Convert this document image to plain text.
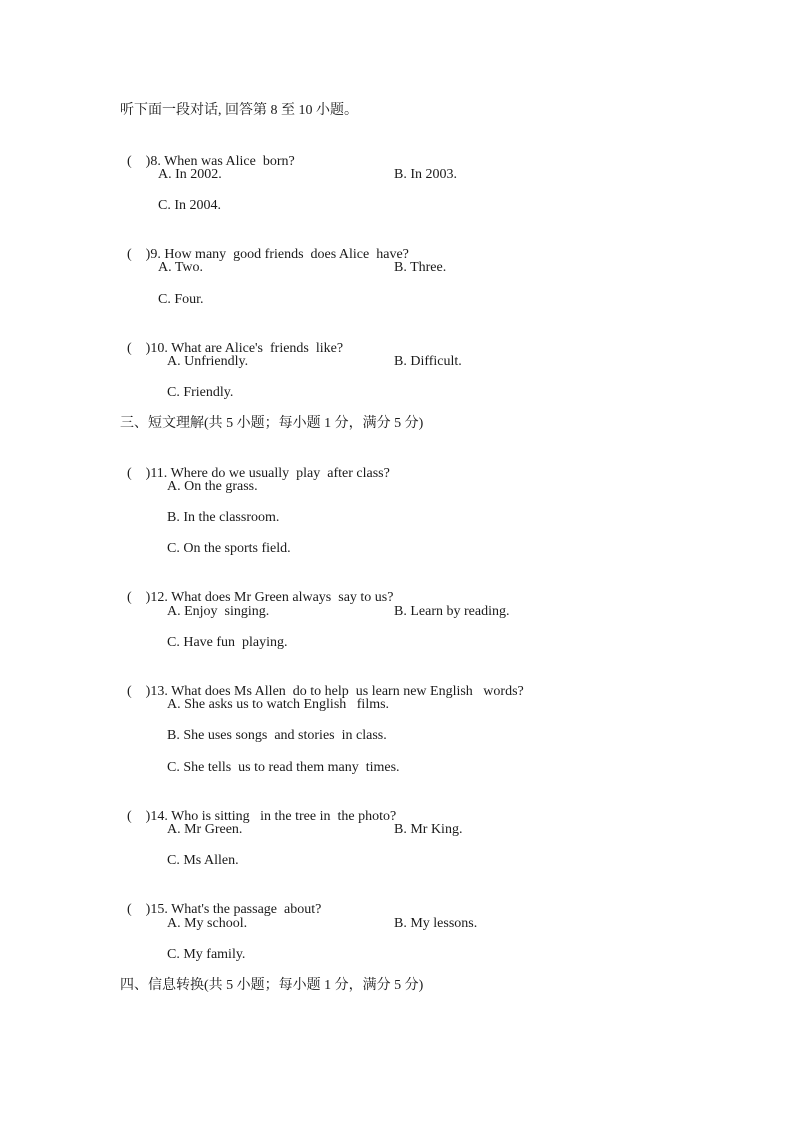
听下面一段对话, 回答第 8 至 10 小题。

(    )8. When was Alice  born?

A. In 2002.	B. In 2003.
C. In 2004.

(    )9. How many  good friends  does Alice  have?

A. Two.	B. Three.
C. Four.

(    )10. What are Alice's  friends  like?

A. Unfriendly.	B. Difficult.
C. Friendly.
三、短文理解(共 5 小题；每小题 1 分，满分 5 分)

(    )11. Where do we usually  play  after class?

A. On the grass.
B. In the classroom.
C. On the sports field.

(    )12. What does Mr Green always  say to us?

A. Enjoy  singing.	B. Learn by reading.
C. Have fun  playing.

(    )13. What does Ms Allen  do to help  us learn new English   words?

A. She asks us to watch English   films.
B. She uses songs  and stories  in class.
C. She tells  us to read them many  times.

(    )14. Who is sitting   in the tree in  the photo?

A. Mr Green.	B. Mr King.
C. Ms Allen.

(    )15. What's the passage  about?

A. My school.	B. My lessons.
C. My family.
四、信息转换(共 5 小题；每小题 1 分，满分 5 分)
